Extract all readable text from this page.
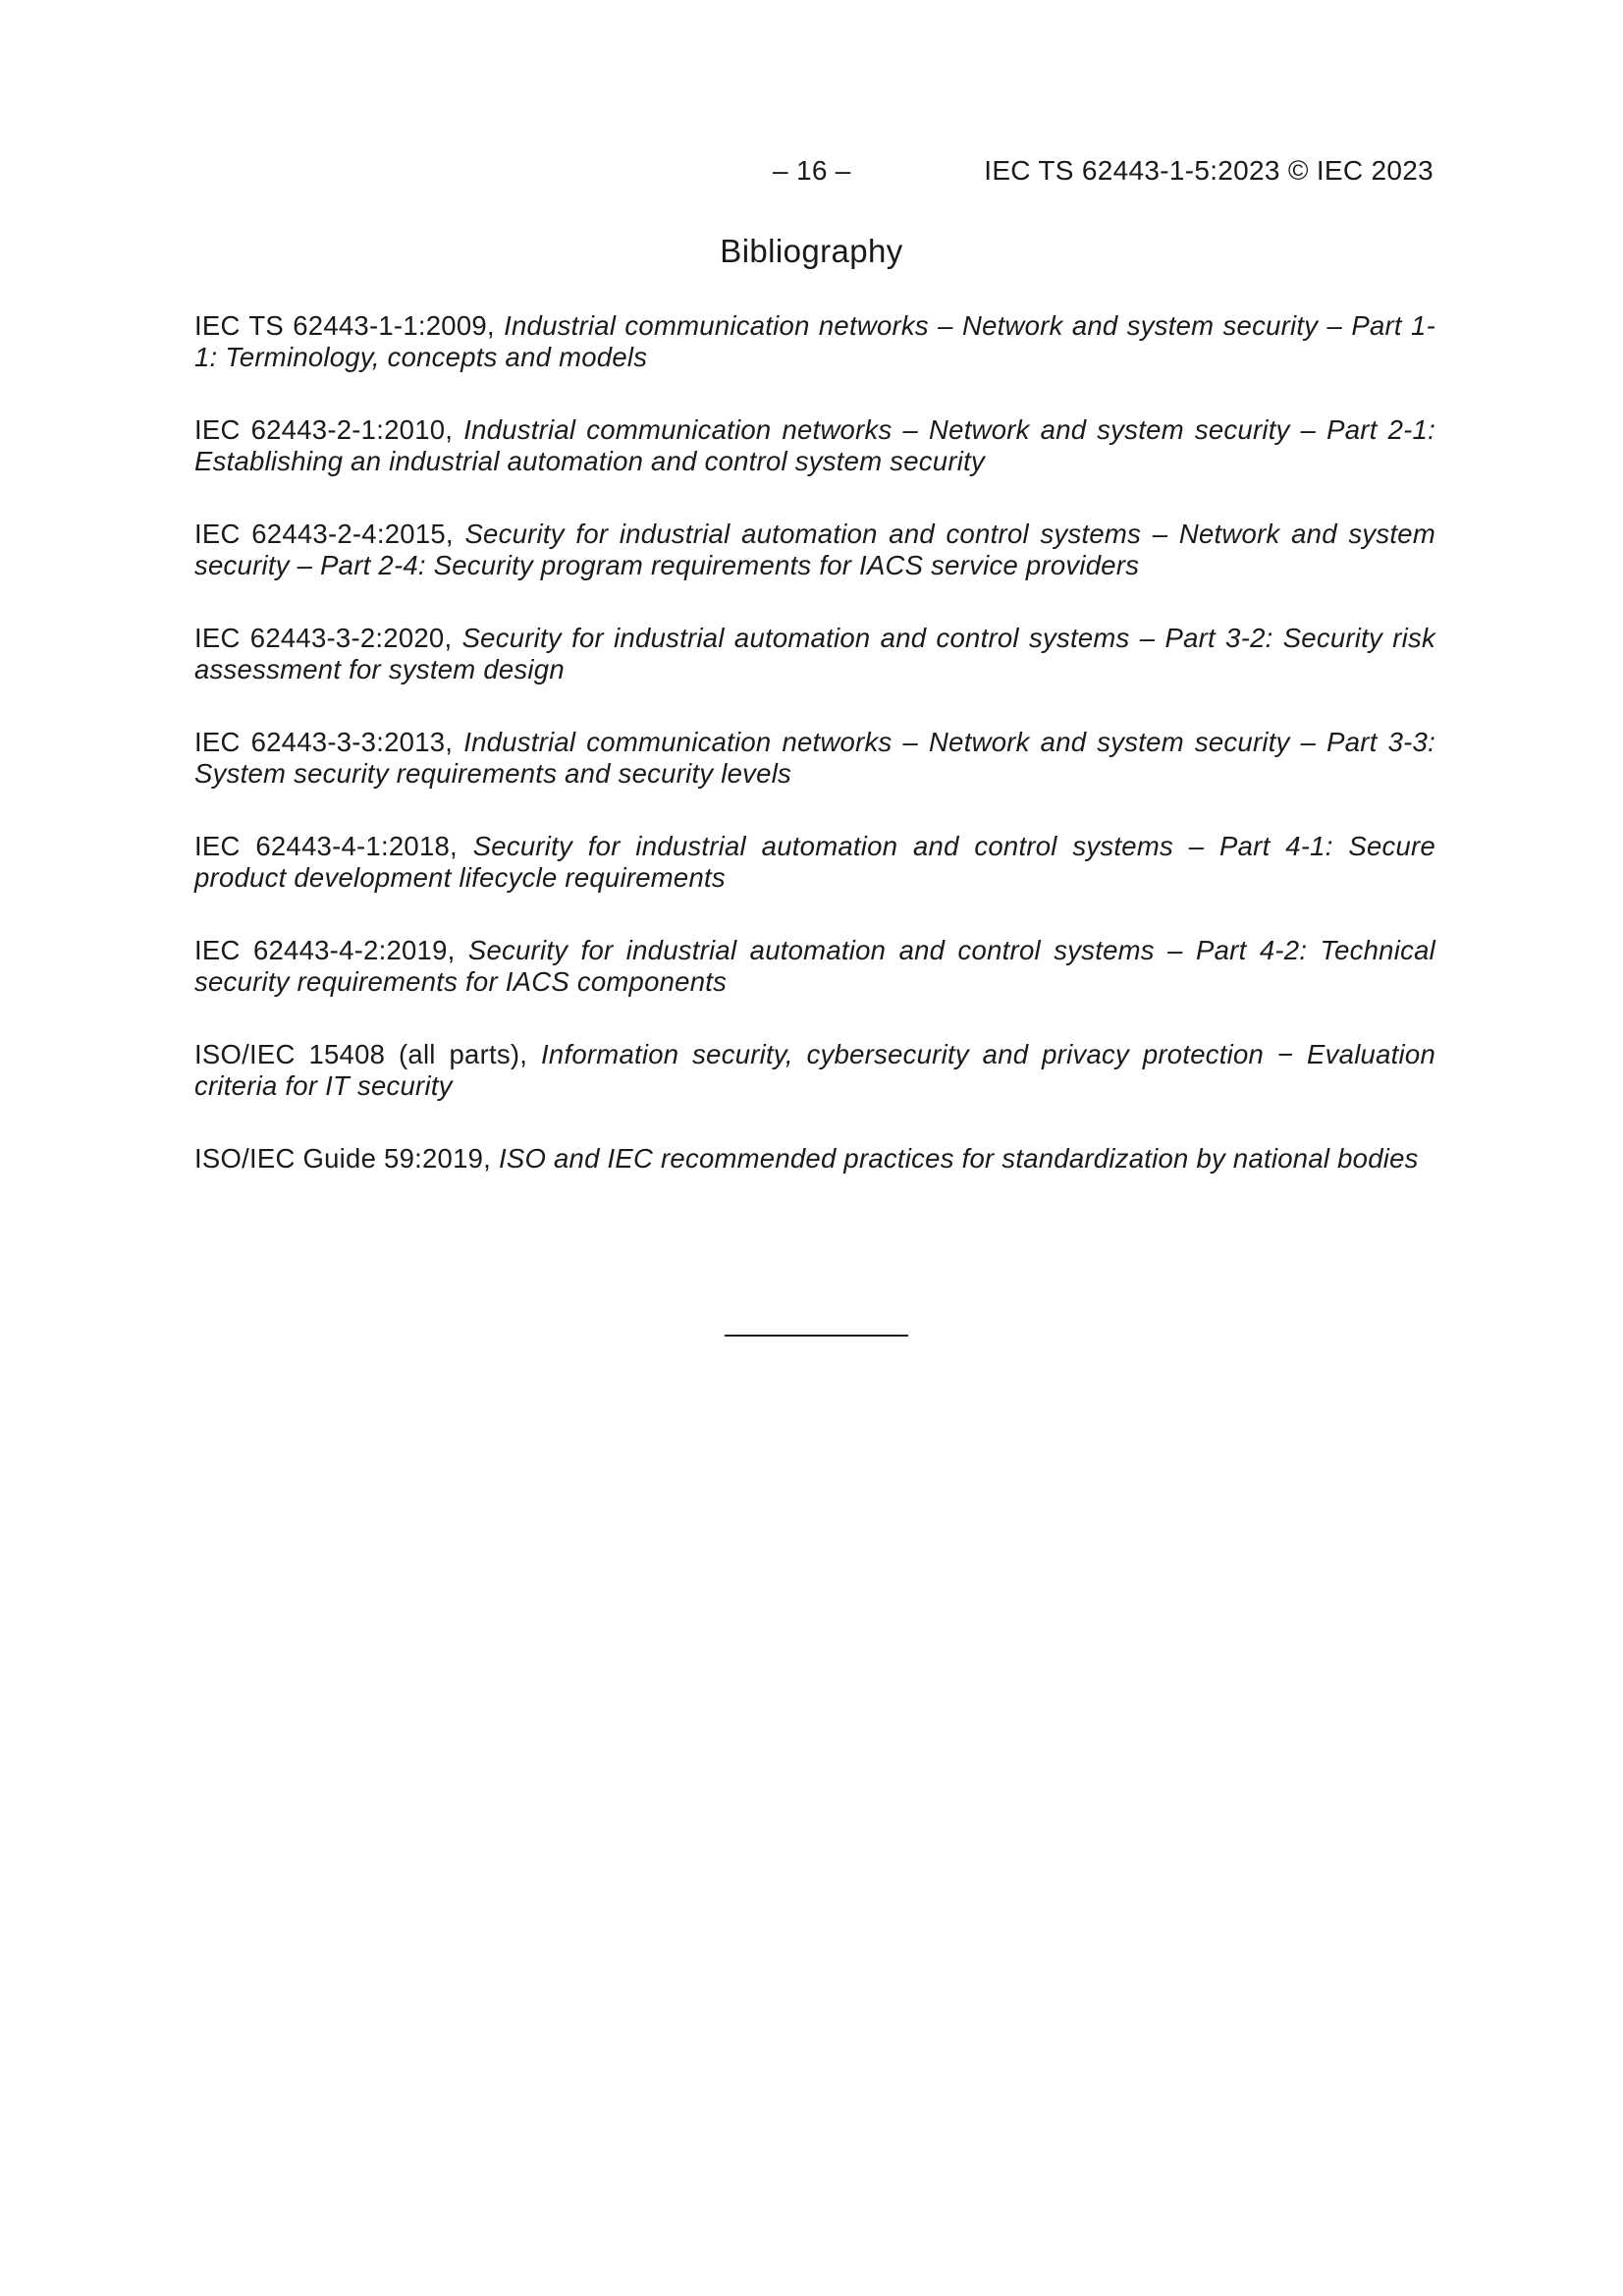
– 16 –	IEC TS 62443-1-5:2023 © IEC 2023
Bibliography

IEC TS 62443-1-1:2009, Industrial communication networks – Network and system security – Part 1-1: Terminology, concepts and models

IEC 62443-2-1:2010, Industrial communication networks – Network and system security – Part 2-1: Establishing an industrial automation and control system security

IEC 62443-2-4:2015, Security for industrial automation and control systems – Network and system security – Part 2-4: Security program requirements for IACS service providers

IEC 62443-3-2:2020, Security for industrial automation and control systems – Part 3-2: Security risk assessment for system design

IEC 62443-3-3:2013, Industrial communication networks – Network and system security – Part 3-3: System security requirements and security levels

IEC 62443-4-1:2018, Security for industrial automation and control systems – Part 4-1: Secure product development lifecycle requirements

IEC 62443-4-2:2019, Security for industrial automation and control systems – Part 4-2: Technical security requirements for IACS components

ISO/IEC 15408 (all parts), Information security, cybersecurity and privacy protection − Evaluation criteria for IT security

ISO/IEC Guide 59:2019, ISO and IEC recommended practices for standardization by national bodies
